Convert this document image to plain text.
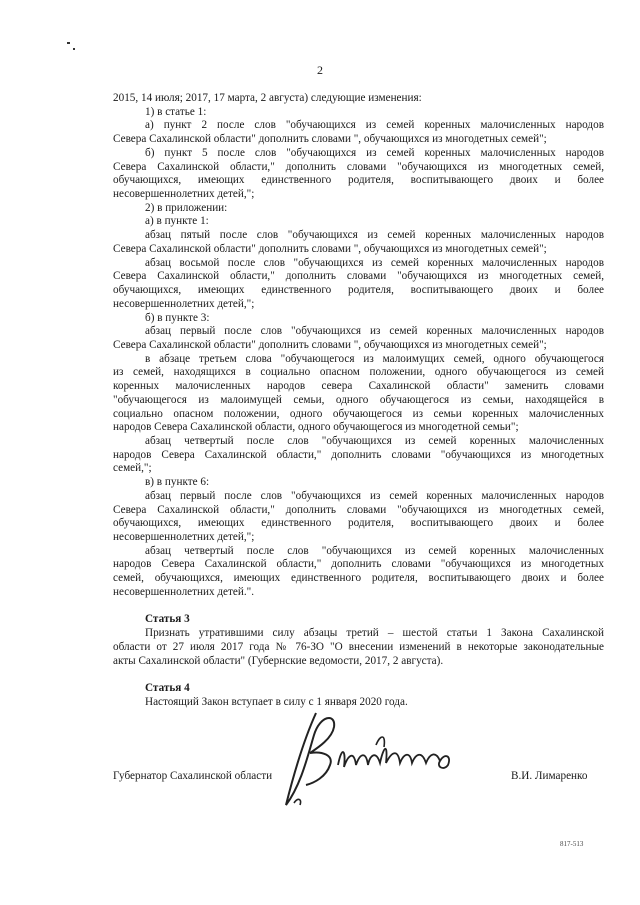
2
2015, 14 июля; 2017, 17 марта, 2 августа) следующие изменения:
1) в статье 1:
а) пункт 2 после слов "обучающихся из семей коренных малочисленных народов
Севера Сахалинской области" дополнить словами ", обучающихся из многодетных семей";
б) пункт 5 после слов "обучающихся из семей коренных малочисленных народов
Севера Сахалинской области," дополнить словами "обучающихся из многодетных семей,
обучающихся, имеющих единственного родителя, воспитывающего двоих и более
несовершеннолетних детей,";
2) в приложении:
а) в пункте 1:
абзац пятый после слов "обучающихся из семей коренных малочисленных народов
Севера Сахалинской области" дополнить словами ", обучающихся из многодетных семей";
абзац восьмой после слов "обучающихся из семей коренных малочисленных народов
Севера Сахалинской области," дополнить словами "обучающихся из многодетных семей,
обучающихся, имеющих единственного родителя, воспитывающего двоих и более
несовершеннолетних детей,";
б) в пункте 3:
абзац первый после слов "обучающихся из семей коренных малочисленных народов
Севера Сахалинской области" дополнить словами ", обучающихся из многодетных семей";
в абзаце третьем слова "обучающегося из малоимущих семей, одного обучающегося
из семей, находящихся в социально опасном положении, одного обучающегося из семей
коренных малочисленных народов севера Сахалинской области" заменить словами
"обучающегося из малоимущей семьи, одного обучающегося из семьи, находящейся в
социально опасном положении, одного обучающегося из семьи коренных малочисленных
народов Севера Сахалинской области, одного обучающегося из многодетной семьи";
абзац четвертый после слов "обучающихся из семей коренных малочисленных
народов Севера Сахалинской области," дополнить словами "обучающихся из многодетных
семей,";
в) в пункте 6:
абзац первый после слов "обучающихся из семей коренных малочисленных народов
Севера Сахалинской области," дополнить словами "обучающихся из многодетных семей,
обучающихся, имеющих единственного родителя, воспитывающего двоих и более
несовершеннолетних детей,";
абзац четвертый после слов "обучающихся из семей коренных малочисленных
народов Севера Сахалинской области," дополнить словами "обучающихся из многодетных
семей, обучающихся, имеющих единственного родителя, воспитывающего двоих и более
несовершеннолетних детей.".
Статья 3
Признать утратившими силу абзацы третий – шестой статьи 1 Закона Сахалинской
области от 27 июля 2017 года № 76-ЗО "О внесении изменений в некоторые законодательные
акты Сахалинской области" (Губернские ведомости, 2017, 2 августа).
Статья 4
Настоящий Закон вступает в силу с 1 января 2020 года.
Губернатор Сахалинской области	В.И. Лимаренко
817-513
